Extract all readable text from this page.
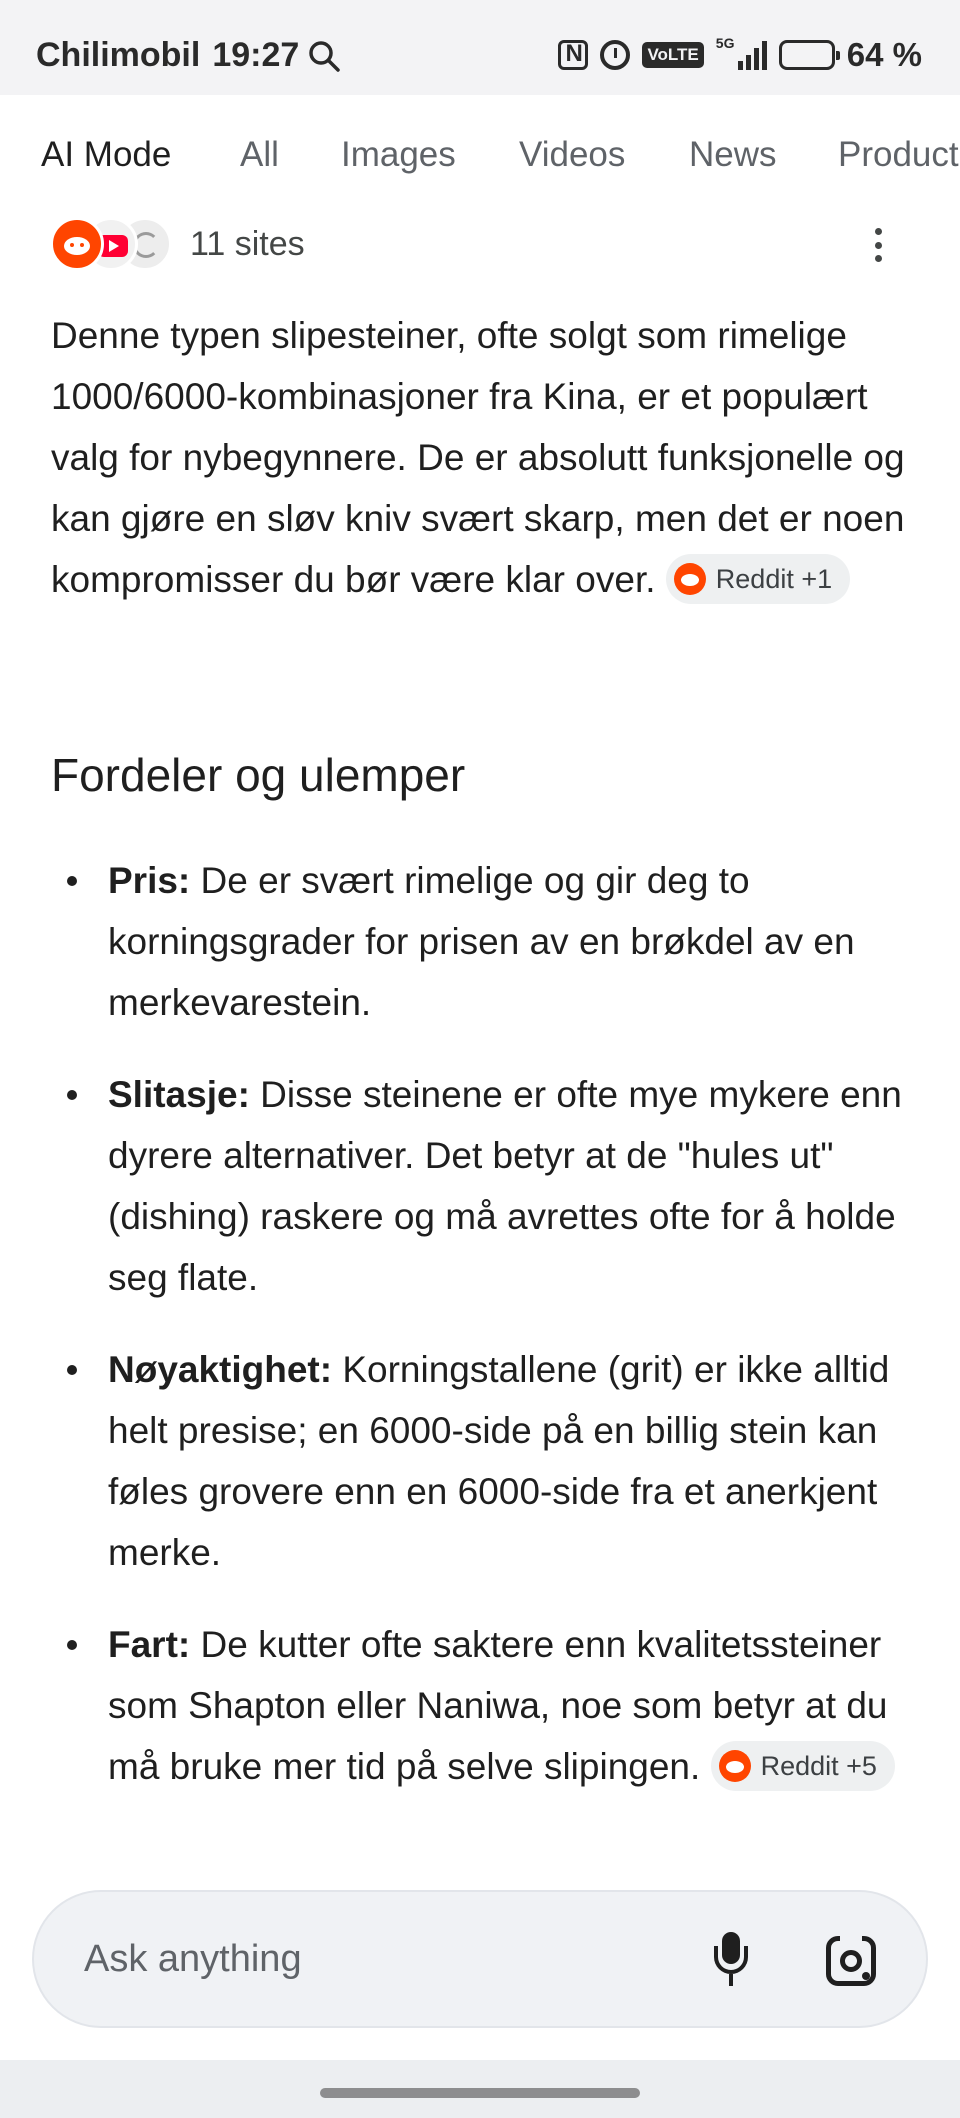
Chilimobil 19:27
N	VoLTE
5G	64 %
AI Mode All Images Videos News Product
11 sites

Denne typen slipesteiner, ofte solgt som rimelige 1000/6000-kombinasjoner fra Kina, er et populært valg for nybegynnere. De er absolutt funksjonelle og kan gjøre en sløv kniv svært skarp, men det er noen kompromisser du bør være klar over. Reddit +1

Fordeler og ulemper
Pris: De er svært rimelige og gir deg to korningsgrader for prisen av en brøkdel av en merkevarestein.
Slitasje: Disse steinene er ofte mye mykere enn dyrere alternativer. Det betyr at de "hules ut" (dishing) raskere og må avrettes ofte for å holde seg flate.
Nøyaktighet: Korningstallene (grit) er ikke alltid helt presise; en 6000-side på en billig stein kan føles grovere enn en 6000-side fra et anerkjent merke.
Fart: De kutter ofte saktere enn kvalitetssteiner som Shapton eller Naniwa, noe som betyr at du må bruke mer tid på selve slipingen. Reddit +5
Ask anything
